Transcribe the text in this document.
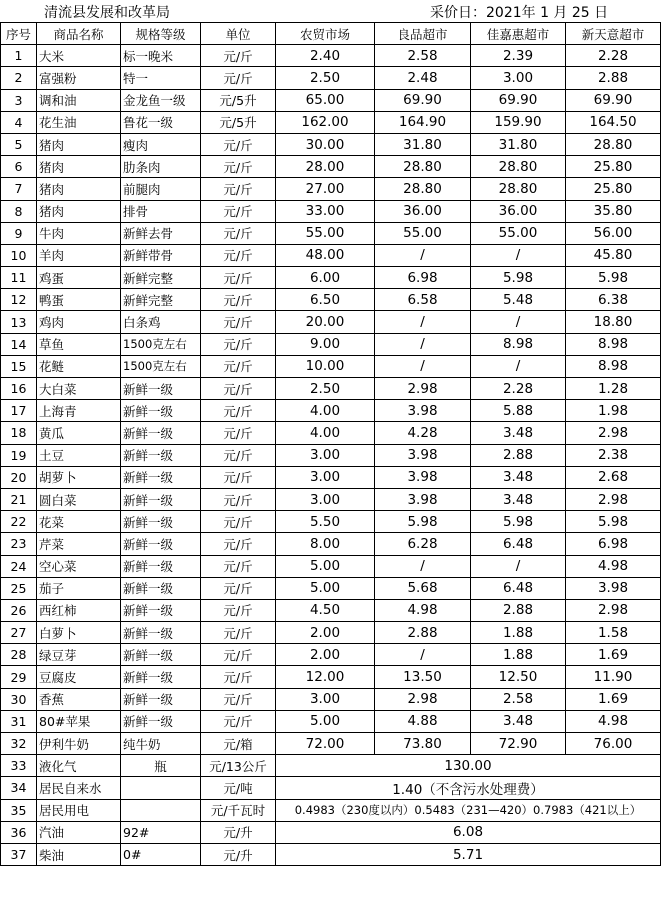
清流县发展和改革局	采价日：2021年 1 月 25 日
序号	商品名称	规格等级	单位	农贸市场	良品超市	佳嘉惠超市	新天意超市
1	大米	标一晚米	元/斤	2.40	2.58	2.39	2.28
2	富强粉	特一	元/斤	2.50	2.48	3.00	2.88
3	调和油	金龙鱼一级	元/5升	65.00	69.90	69.90	69.90
4	花生油	鲁花一级	元/5升	162.00	164.90	159.90	164.50
5	猪肉	瘦肉	元/斤	30.00	31.80	31.80	28.80
6	猪肉	肋条肉	元/斤	28.00	28.80	28.80	25.80
7	猪肉	前腿肉	元/斤	27.00	28.80	28.80	25.80
8	猪肉	排骨	元/斤	33.00	36.00	36.00	35.80
9	牛肉	新鲜去骨	元/斤	55.00	55.00	55.00	56.00
10	羊肉	新鲜带骨	元/斤	48.00	/	/	45.80
11	鸡蛋	新鲜完整	元/斤	6.00	6.98	5.98	5.98
12	鸭蛋	新鲜完整	元/斤	6.50	6.58	5.48	6.38
13	鸡肉	白条鸡	元/斤	20.00	/	/	18.80
14	草鱼	1500克左右	元/斤	9.00	/	8.98	8.98
15	花鲢	1500克左右	元/斤	10.00	/	/	8.98
16	大白菜	新鲜一级	元/斤	2.50	2.98	2.28	1.28
17	上海青	新鲜一级	元/斤	4.00	3.98	5.88	1.98
18	黄瓜	新鲜一级	元/斤	4.00	4.28	3.48	2.98
19	土豆	新鲜一级	元/斤	3.00	3.98	2.88	2.38
20	胡萝卜	新鲜一级	元/斤	3.00	3.98	3.48	2.68
21	圆白菜	新鲜一级	元/斤	3.00	3.98	3.48	2.98
22	花菜	新鲜一级	元/斤	5.50	5.98	5.98	5.98
23	芹菜	新鲜一级	元/斤	8.00	6.28	6.48	6.98
24	空心菜	新鲜一级	元/斤	5.00	/	/	4.98
25	茄子	新鲜一级	元/斤	5.00	5.68	6.48	3.98
26	西红柿	新鲜一级	元/斤	4.50	4.98	2.88	2.98
27	白萝卜	新鲜一级	元/斤	2.00	2.88	1.88	1.58
28	绿豆芽	新鲜一级	元/斤	2.00	/	1.88	1.69
29	豆腐皮	新鲜一级	元/斤	12.00	13.50	12.50	11.90
30	香蕉	新鲜一级	元/斤	3.00	2.98	2.58	1.69
31	80#苹果	新鲜一级	元/斤	5.00	4.88	3.48	4.98
32	伊利牛奶	纯牛奶	元/箱	72.00	73.80	72.90	76.00
33	液化气	瓶	元/13公斤	130.00			
34	居民自来水		元/吨	1.40（不含污水处理费）			
35	居民用电		元/千瓦时	0.4983（230度以内）0.5483（231—420）0.7983（421以上）			
36	汽油	92#	元/升	6.08			
37	柴油	0#	元/升	5.71			
